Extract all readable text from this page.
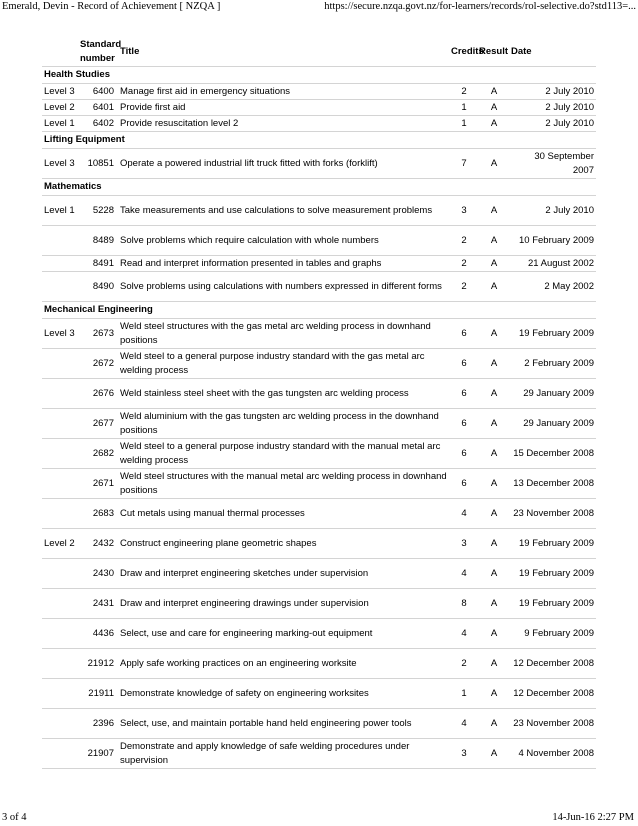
Emerald, Devin - Record of Achievement [ NZQA ]	https://secure.nzqa.govt.nz/for-learners/records/rol-selective.do?std113=...
	Standard number	Title	Credits	Result	Date
Health Studies					
Level 3	6400	Manage first aid in emergency situations	2	A	2 July 2010
Level 2	6401	Provide first aid	1	A	2 July 2010
Level 1	6402	Provide resuscitation level 2	1	A	2 July 2010
Lifting Equipment					
Level 3	10851	Operate a powered industrial lift truck fitted with forks (forklift)	7	A	30 September 2007
Mathematics					
Level 1	5228	Take measurements and use calculations to solve measurement problems	3	A	2 July 2010
	8489	Solve problems which require calculation with whole numbers	2	A	10 February 2009
	8491	Read and interpret information presented in tables and graphs	2	A	21 August 2002
	8490	Solve problems using calculations with numbers expressed in different forms	2	A	2 May 2002
Mechanical Engineering					
Level 3	2673	Weld steel structures with the gas metal arc welding process in downhand positions	6	A	19 February 2009
	2672	Weld steel to a general purpose industry standard with the gas metal arc welding process	6	A	2 February 2009
	2676	Weld stainless steel sheet with the gas tungsten arc welding process	6	A	29 January 2009
	2677	Weld aluminium with the gas tungsten arc welding process in the downhand positions	6	A	29 January 2009
	2682	Weld steel to a general purpose industry standard with the manual metal arc welding process	6	A	15 December 2008
	2671	Weld steel structures with the manual metal arc welding process in downhand positions	6	A	13 December 2008
	2683	Cut metals using manual thermal processes	4	A	23 November 2008
Level 2	2432	Construct engineering plane geometric shapes	3	A	19 February 2009
	2430	Draw and interpret engineering sketches under supervision	4	A	19 February 2009
	2431	Draw and interpret engineering drawings under supervision	8	A	19 February 2009
	4436	Select, use and care for engineering marking-out equipment	4	A	9 February 2009
	21912	Apply safe working practices on an engineering worksite	2	A	12 December 2008
	21911	Demonstrate knowledge of safety on engineering worksites	1	A	12 December 2008
	2396	Select, use, and maintain portable hand held engineering power tools	4	A	23 November 2008
	21907	Demonstrate and apply knowledge of safe welding procedures under supervision	3	A	4 November 2008
3 of 4	14-Jun-16 2:27 PM
